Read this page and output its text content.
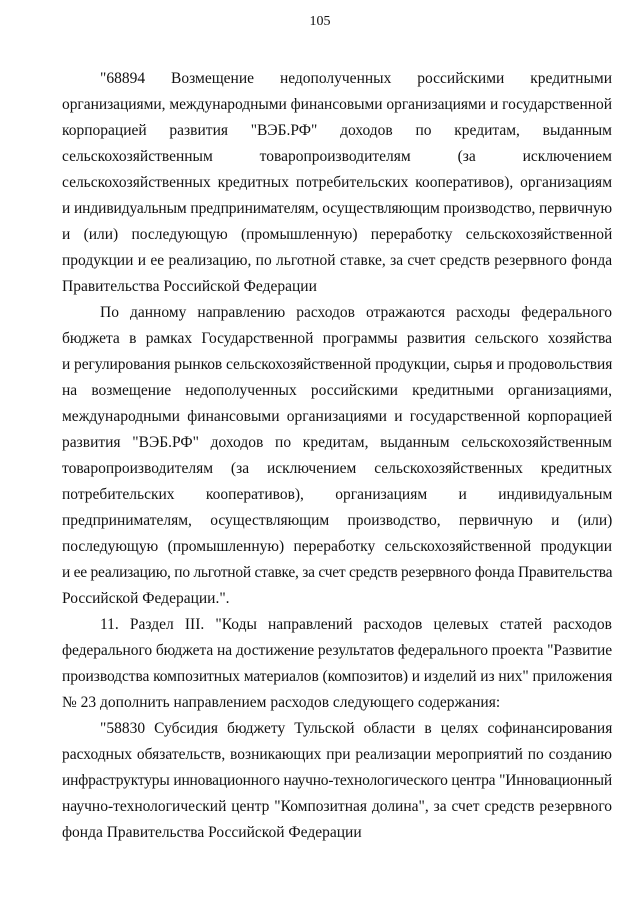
105

"68894 Возмещение недополученных российскими кредитными
организациями, международными финансовыми организациями и государственной
корпорацией развития "ВЭБ.РФ" доходов по кредитам, выданным
сельскохозяйственным товаропроизводителям (за исключением
сельскохозяйственных кредитных потребительских кооперативов), организациям
и индивидуальным предпринимателям, осуществляющим производство, первичную
и (или) последующую (промышленную) переработку сельскохозяйственной
продукции и ее реализацию, по льготной ставке, за счет средств резервного фонда
Правительства Российской Федерации

По данному направлению расходов отражаются расходы федерального
бюджета в рамках Государственной программы развития сельского хозяйства
и регулирования рынков сельскохозяйственной продукции, сырья и продовольствия
на возмещение недополученных российскими кредитными организациями,
международными финансовыми организациями и государственной корпорацией
развития "ВЭБ.РФ" доходов по кредитам, выданным сельскохозяйственным
товаропроизводителям (за исключением сельскохозяйственных кредитных
потребительских кооперативов), организациям и индивидуальным
предпринимателям, осуществляющим производство, первичную и (или)
последующую (промышленную) переработку сельскохозяйственной продукции
и ее реализацию, по льготной ставке, за счет средств резервного фонда Правительства
Российской Федерации.".

11. Раздел III. "Коды направлений расходов целевых статей расходов
федерального бюджета на достижение результатов федерального проекта "Развитие
производства композитных материалов (композитов) и изделий из них" приложения
№ 23 дополнить направлением расходов следующего содержания:

"58830 Субсидия бюджету Тульской области в целях софинансирования
расходных обязательств, возникающих при реализации мероприятий по созданию
инфраструктуры инновационного научно-технологического центра "Инновационный
научно-технологический центр "Композитная долина", за счет средств резервного
фонда Правительства Российской Федерации
